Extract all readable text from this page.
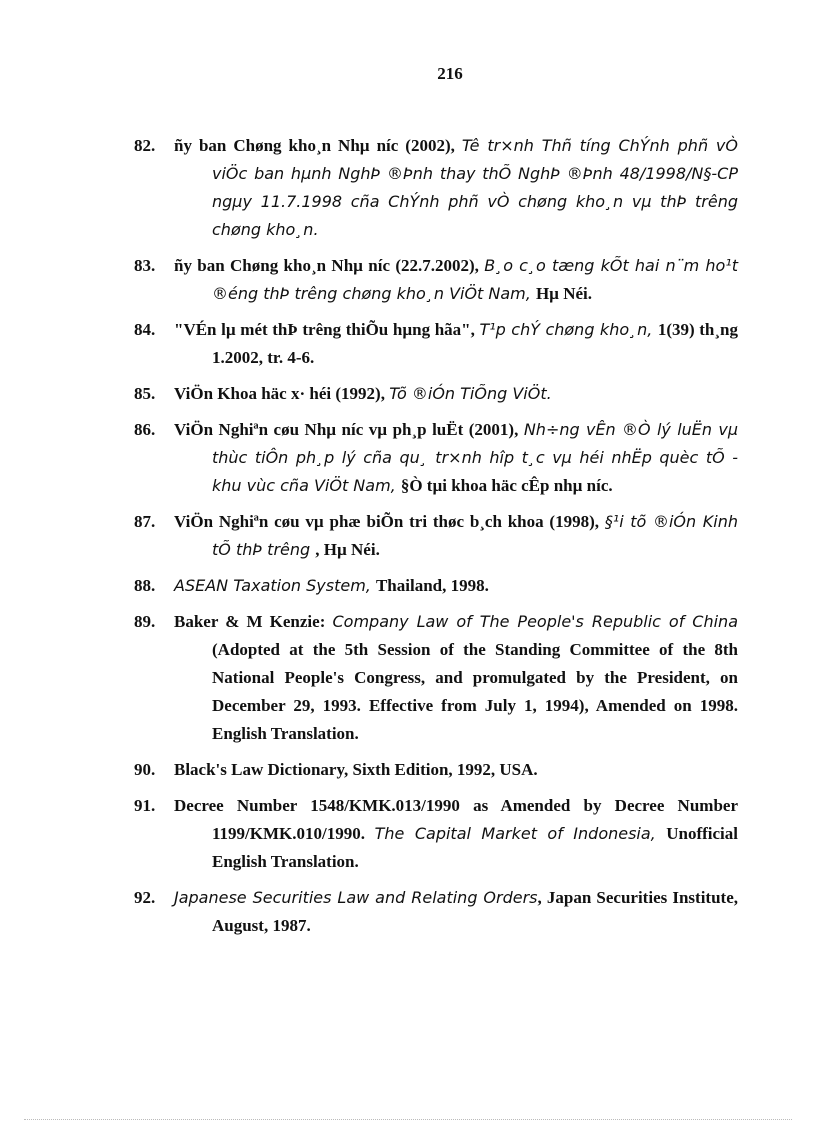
216
82.	ñy ban Chøng kho¸n Nhµ níc (2002), Tê tr×nh Thñ tíng ChÝnh phñ vÒ viÖc ban hµnh NghÞ ®Þnh thay thÕ NghÞ ®Þnh 48/1998/N§-CP ngµy 11.7.1998 cña ChÝnh phñ vÒ chøng kho¸n vµ thÞ trêng chøng kho¸n.
83.	ñy ban Chøng kho¸n Nhµ níc (22.7.2002), B¸o c¸o tæng kÕt hai n¨m ho¹t ®éng thÞ trêng chøng kho¸n ViÖt Nam, Hµ Néi.
84.	"VÉn lµ mét thÞ trêng thiÕu hµng hãa", T¹p chÝ chøng kho¸n, 1(39) th¸ng 1.2002, tr. 4-6.
85.	ViÖn Khoa häc x· héi (1992), Tõ ®iÓn TiÕng ViÖt.
86.	ViÖn Nghiªn cøu Nhµ níc vµ ph¸p luËt (2001), Nh÷ng vÊn ®Ò lý luËn vµ thùc tiÔn ph¸p lý cña qu¸ tr×nh hîp t¸c vµ héi nhËp quèc tÕ - khu vùc cña ViÖt Nam, §Ò tµi khoa häc cÊp nhµ níc.
87.	ViÖn Nghiªn cøu vµ phæ biÕn tri thøc b¸ch khoa (1998), §¹i tõ ®iÓn Kinh tÕ thÞ trêng , Hµ Néi.
88.	ASEAN Taxation System, Thailand, 1998.
89.	Baker & M Kenzie: Company Law of The People's Republic of China (Adopted at the 5th Session of the Standing Committee of the 8th National People's Congress, and promulgated by the President, on December 29, 1993. Effective from July 1, 1994), Amended on 1998. English Translation.
90.	Black's Law Dictionary, Sixth Edition, 1992, USA.
91.	Decree Number 1548/KMK.013/1990 as Amended by Decree Number 1199/KMK.010/1990. The Capital Market of Indonesia, Unofficial English Translation.
92.	Japanese Securities Law and Relating Orders, Japan Securities Institute, August, 1987.
